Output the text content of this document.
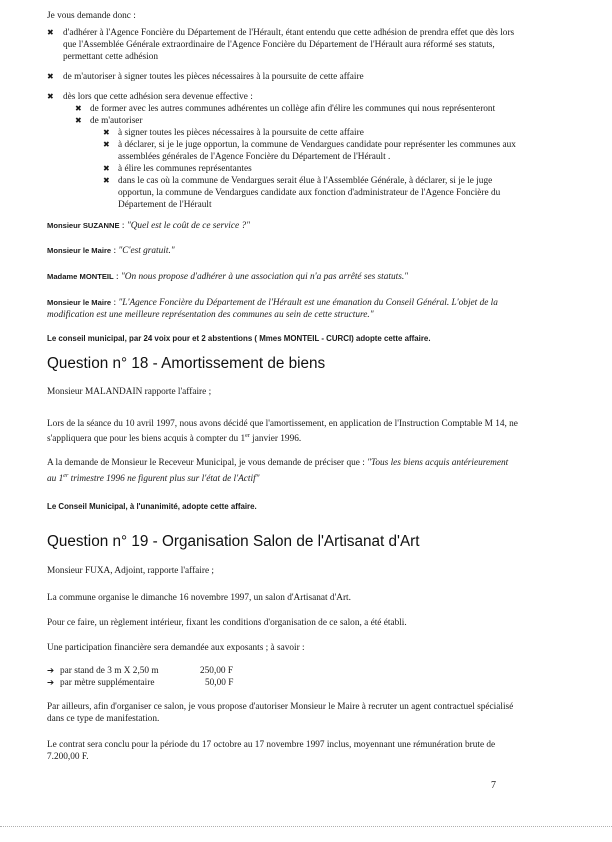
Je vous demande donc :
✖ d'adhérer à l'Agence Foncière du Département de l'Hérault, étant entendu que cette adhésion de prendra effet que dès lors
que l'Assemblée Générale extraordinaire de l'Agence Foncière du Département de l'Hérault aura réformé ses statuts,
permettant cette adhésion
✖ de m'autoriser à signer toutes les pièces nécessaires à la poursuite de cette affaire
✖ dès lors que cette adhésion sera devenue effective :
✖ de former avec les autres communes adhérentes un collège afin d'élire les communes qui nous représenteront
✖ de m'autoriser
✖ à signer toutes les pièces nécessaires à la poursuite de cette affaire
✖ à déclarer, si je le juge opportun, la commune de Vendargues candidate pour représenter les communes aux
assemblées générales de l'Agence Foncière du Département de l'Hérault .
✖ à élire les communes représentantes
✖ dans le cas où la commune de Vendargues serait élue à l'Assemblée Générale, à déclarer, si je le juge
opportun, la commune de Vendargues candidate aux fonction d'administrateur de l'Agence Foncière du
Département de l'Hérault
Monsieur SUZANNE : "Quel est le coût de ce service ?"
Monsieur le Maire : "C'est gratuit."
Madame MONTEIL : "On nous propose d'adhérer à une association qui n'a pas arrêté ses statuts."
Monsieur le Maire : "L'Agence Foncière du Département de l'Hérault est une émanation du Conseil Général. L'objet de la
modification est une meilleure représentation des communes au sein de cette structure."
Le conseil municipal, par 24 voix pour et 2 abstentions ( Mmes MONTEIL - CURCI) adopte cette affaire.
Question n° 18 - Amortissement de biens
Monsieur MALANDAIN rapporte l'affaire ;
Lors de la séance du 10 avril 1997, nous avons décidé que l'amortissement, en application de l'Instruction Comptable M 14, ne
s'appliquera que pour les biens acquis à compter du 1er janvier 1996.
A la demande de Monsieur le Receveur Municipal, je vous demande de préciser que : "Tous les biens acquis antérieurement
au 1er trimestre 1996 ne figurent plus sur l'état de l'Actif"
Le Conseil Municipal, à l'unanimité, adopte cette affaire.
Question n° 19 - Organisation Salon de l'Artisanat d'Art
Monsieur FUXA, Adjoint, rapporte l'affaire ;
La commune organise le dimanche 16 novembre 1997, un salon d'Artisanat d'Art.
Pour ce faire, un règlement intérieur, fixant les conditions d'organisation de ce salon, a été établi.
Une participation financière sera demandée aux exposants ; à savoir :
➔ par stand de 3 m X 2,50 m	250,00 F
➔ par mètre supplémentaire	50,00 F
Par ailleurs, afin d'organiser ce salon, je vous propose d'autoriser Monsieur le Maire à recruter un agent contractuel spécialisé
dans ce type de manifestation.
Le contrat sera conclu pour la période du 17 octobre au 17 novembre 1997 inclus, moyennant une rémunération brute de
7.200,00 F.
7
